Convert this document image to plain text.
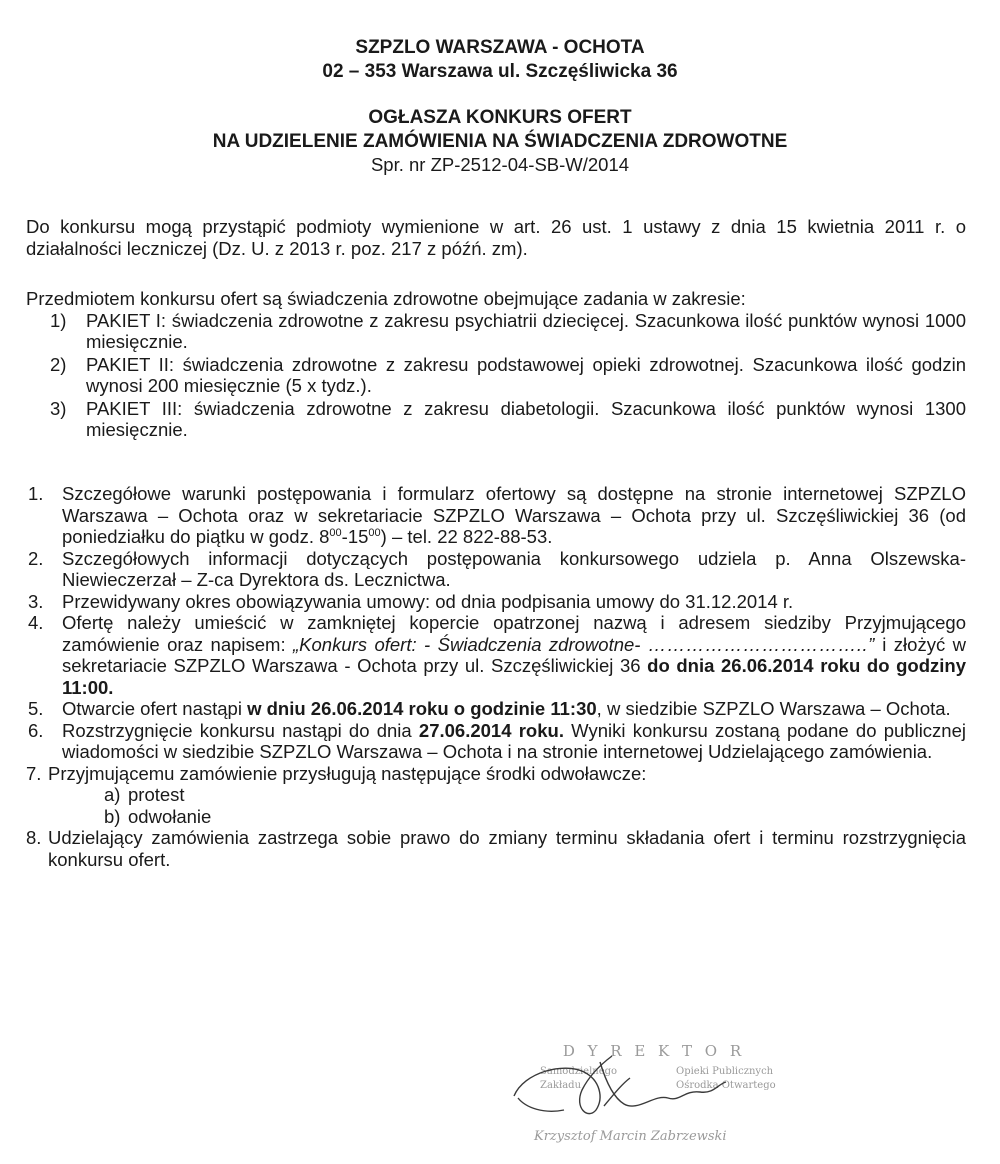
SZPZLO WARSZAWA - OCHOTA
02 – 353 Warszawa ul. Szczęśliwicka 36
OGŁASZA KONKURS OFERT
NA UDZIELENIE ZAMÓWIENIA NA ŚWIADCZENIA ZDROWOTNE
Spr. nr ZP-2512-04-SB-W/2014
Do konkursu mogą przystąpić podmioty wymienione w art. 26 ust. 1 ustawy z dnia 15 kwietnia 2011 r. o działalności leczniczej (Dz. U. z 2013 r. poz. 217 z późń. zm).
Przedmiotem konkursu ofert są świadczenia zdrowotne obejmujące zadania w zakresie:
1) PAKIET I: świadczenia zdrowotne z zakresu psychiatrii dziecięcej. Szacunkowa ilość punktów wynosi 1000 miesięcznie.
2) PAKIET II: świadczenia zdrowotne z zakresu podstawowej opieki zdrowotnej. Szacunkowa ilość godzin wynosi 200 miesięcznie (5 x tydz.).
3) PAKIET III: świadczenia zdrowotne z zakresu diabetologii. Szacunkowa ilość punktów wynosi 1300 miesięcznie.
1. Szczegółowe warunki postępowania i formularz ofertowy są dostępne na stronie internetowej SZPZLO Warszawa – Ochota oraz w sekretariacie SZPZLO Warszawa – Ochota przy ul. Szczęśliwickiej 36 (od poniedziałku do piątku w godz. $8^{00}-15^{00}$) – tel. 22 822-88-53.
2. Szczegółowych informacji dotyczących postępowania konkursowego udziela p. Anna Olszewska-Niewieczerzał – Z-ca Dyrektora ds. Lecznictwa.
3. Przewidywany okres obowiązywania umowy: od dnia podpisania umowy do 31.12.2014 r.
4. Ofertę należy umieścić w zamkniętej kopercie opatrzonej nazwą i adresem siedziby Przyjmującego zamówienie oraz napisem: „Konkurs ofert: - Świadczenia zdrowotne- ……………………………..” i złożyć w sekretariacie SZPZLO Warszawa - Ochota przy ul. Szczęśliwickiej 36 do dnia 26.06.2014 roku do godziny 11:00.
5. Otwarcie ofert nastąpi w dniu 26.06.2014 roku o godzinie 11:30, w siedzibie SZPZLO Warszawa – Ochota.
6. Rozstrzygnięcie konkursu nastąpi do dnia 27.06.2014 roku. Wyniki konkursu zostaną podane do publicznej wiadomości w siedzibie SZPZLO Warszawa – Ochota i na stronie internetowej Udzielającego zamówienia.
7. Przyjmującemu zamówienie przysługują następujące środki odwoławcze:
a) protest
b) odwołanie
8. Udzielający zamówienia zastrzega sobie prawo do zmiany terminu składania ofert i terminu rozstrzygnięcia konkursu ofert.
D Y R E K T O R
Samodzielnego
Zakładu
Opieki Publicznych
Ośrodka Otwartego
Krzysztof Marcin Zabrzewski
